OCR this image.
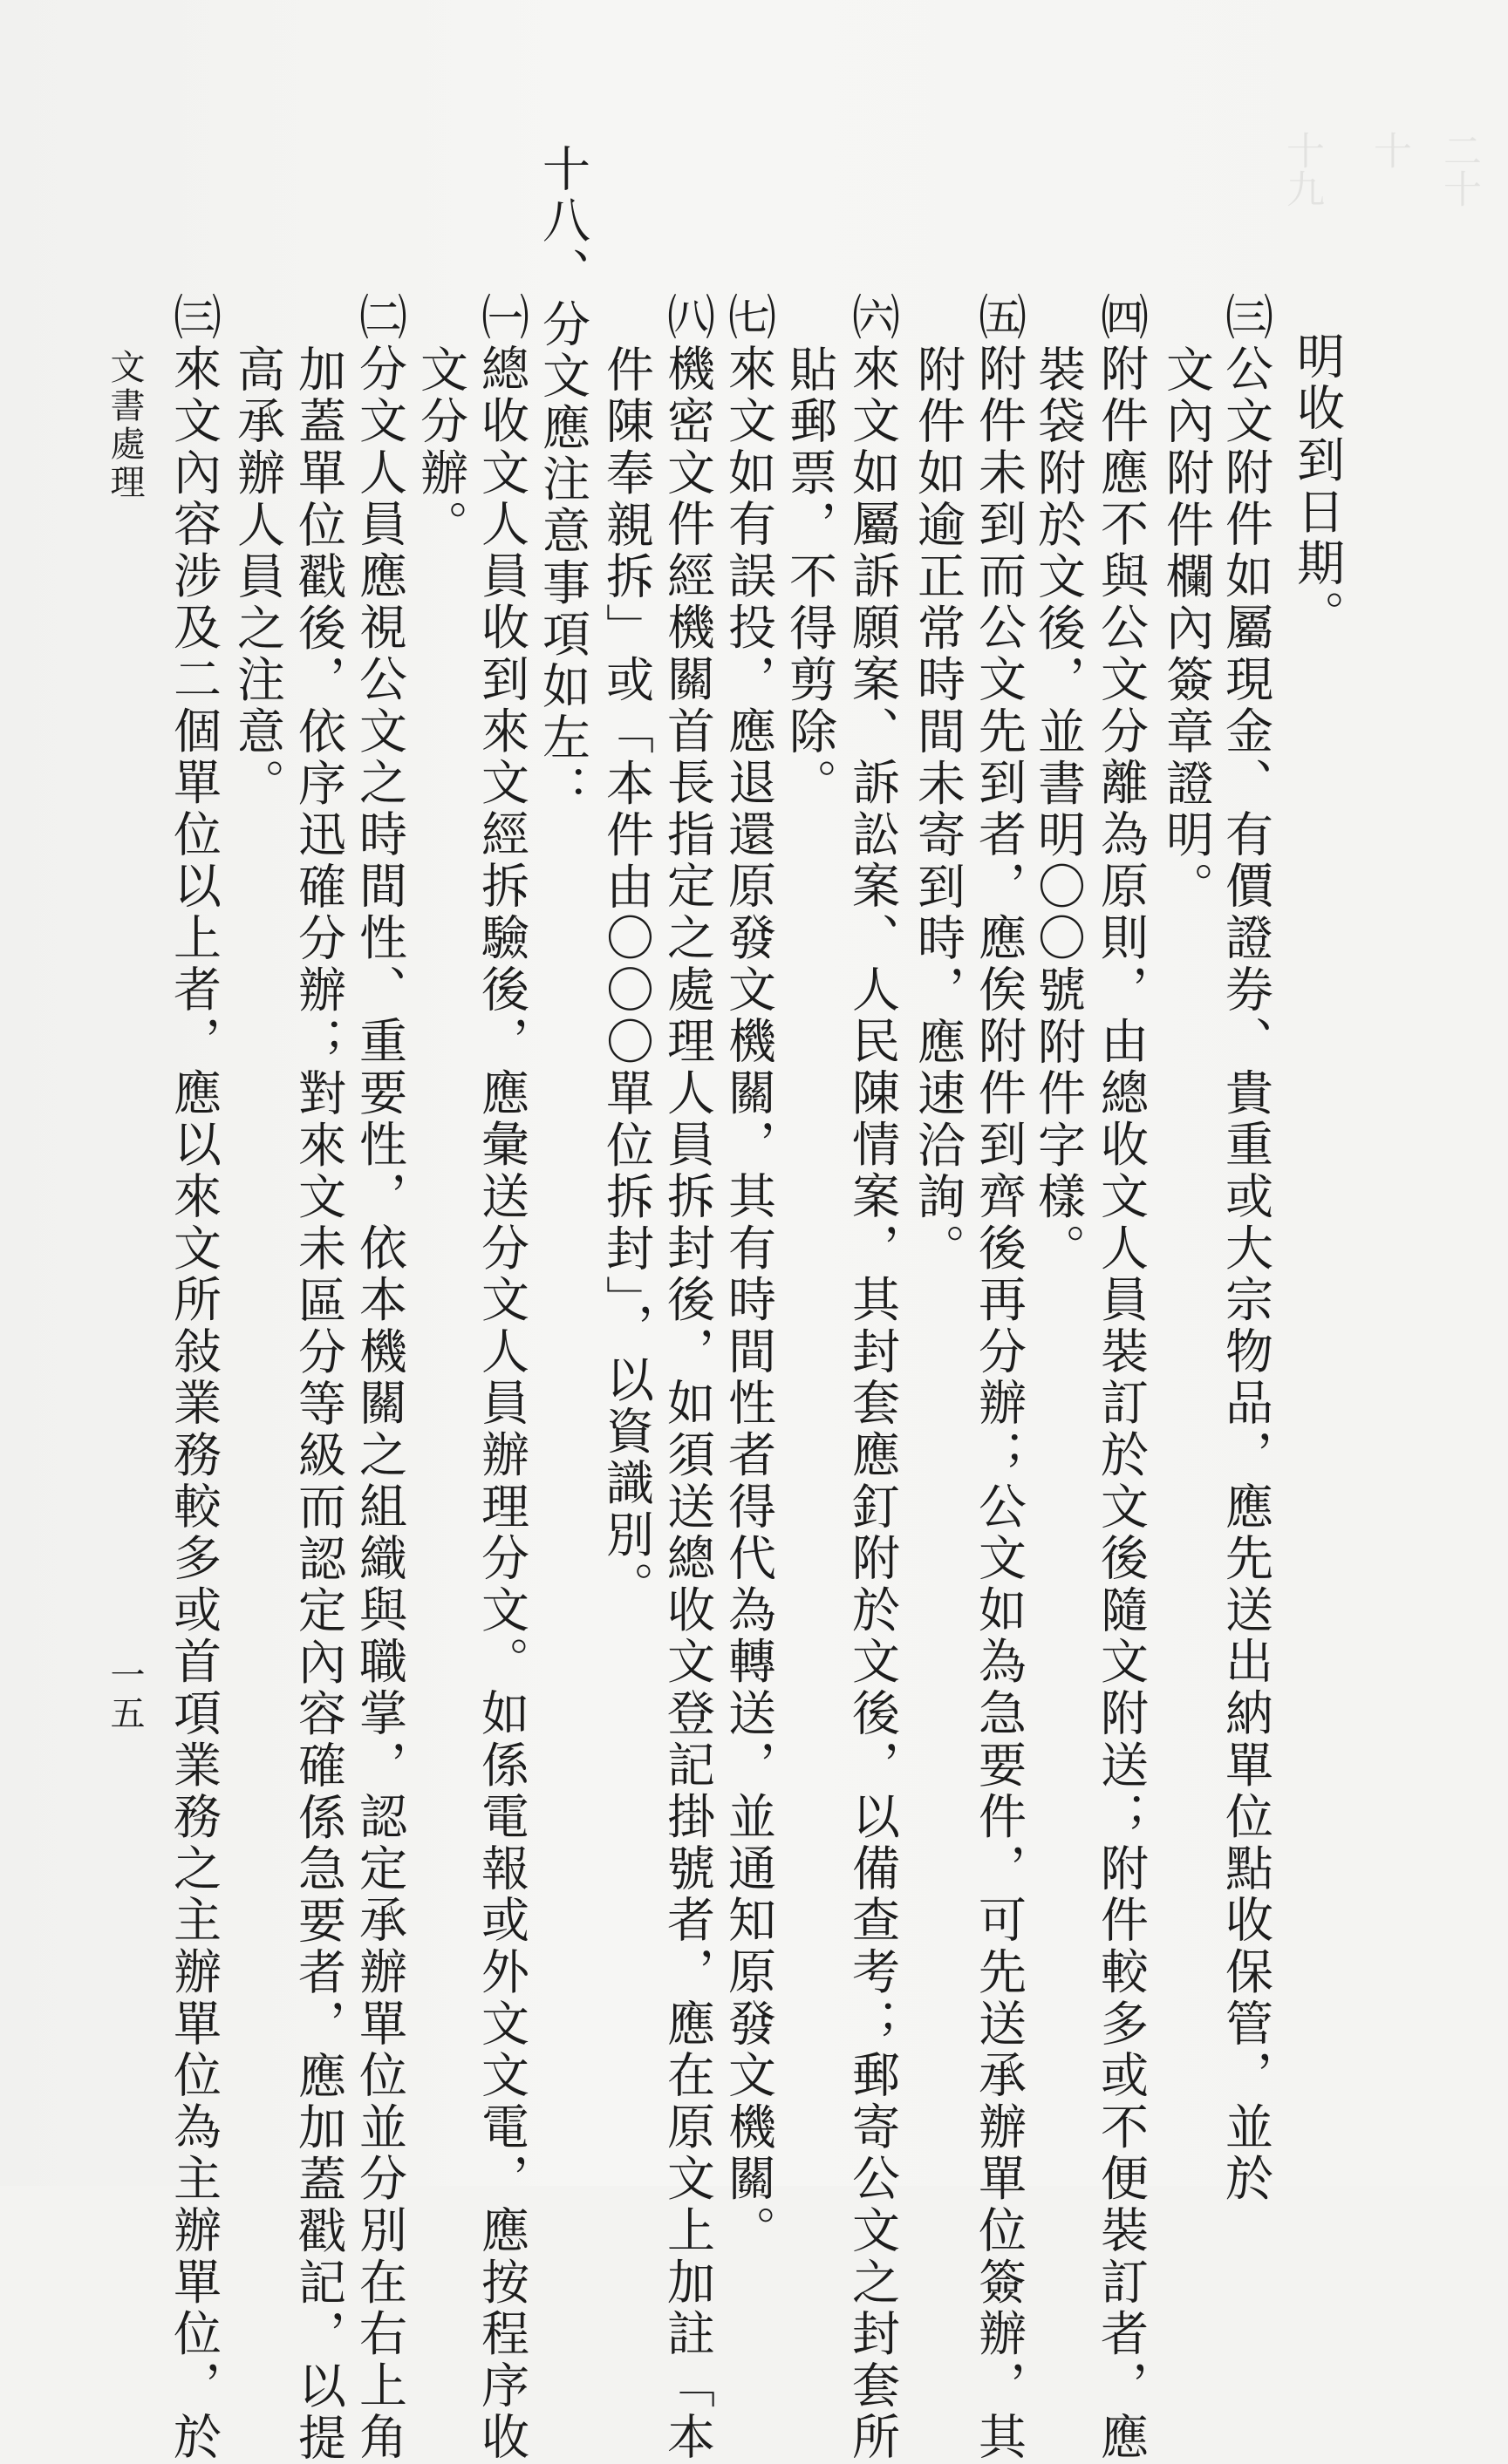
二十
十
十九
明收到日期。
㈢公文附件如屬現金、有價證券、貴重或大宗物品，應先送出納單位點收保管，並於
文內附件欄內簽章證明。
㈣附件應不與公文分離為原則，由總收文人員裝訂於文後隨文附送；附件較多或不便裝訂者，應
裝袋附於文後，並書明〇〇號附件字樣。
㈤附件未到而公文先到者，應俟附件到齊後再分辦；公文如為急要件，可先送承辦單位簽辦，其
附件如逾正常時間未寄到時，應速洽詢。
㈥來文如屬訴願案、訴訟案、人民陳情案，其封套應釘附於文後，以備查考；郵寄公文之封套所
貼郵票，不得剪除。
㈦來文如有誤投，應退還原發文機關，其有時間性者得代為轉送，並通知原發文機關。
㈧機密文件經機關首長指定之處理人員拆封後，如須送總收文登記掛號者，應在原文上加註「本
件陳奉親拆」或「本件由〇〇〇單位拆封」，以資識別。
十八、分文應注意事項如左：
㈠總收文人員收到來文經拆驗後，應彙送分文人員辦理分文。如係電報或外文文電，應按程序收
文分辦。
㈡分文人員應視公文之時間性、重要性，依本機關之組織與職掌，認定承辦單位並分別在右上角
加蓋單位戳後，依序迅確分辦；對來文未區分等級而認定內容確係急要者，應加蓋戳記，以提
高承辦人員之注意。
㈢來文內容涉及二個單位以上者，應以來文所敍業務較多或首項業務之主辦單位為主辦單位，於
文書處理
一五
